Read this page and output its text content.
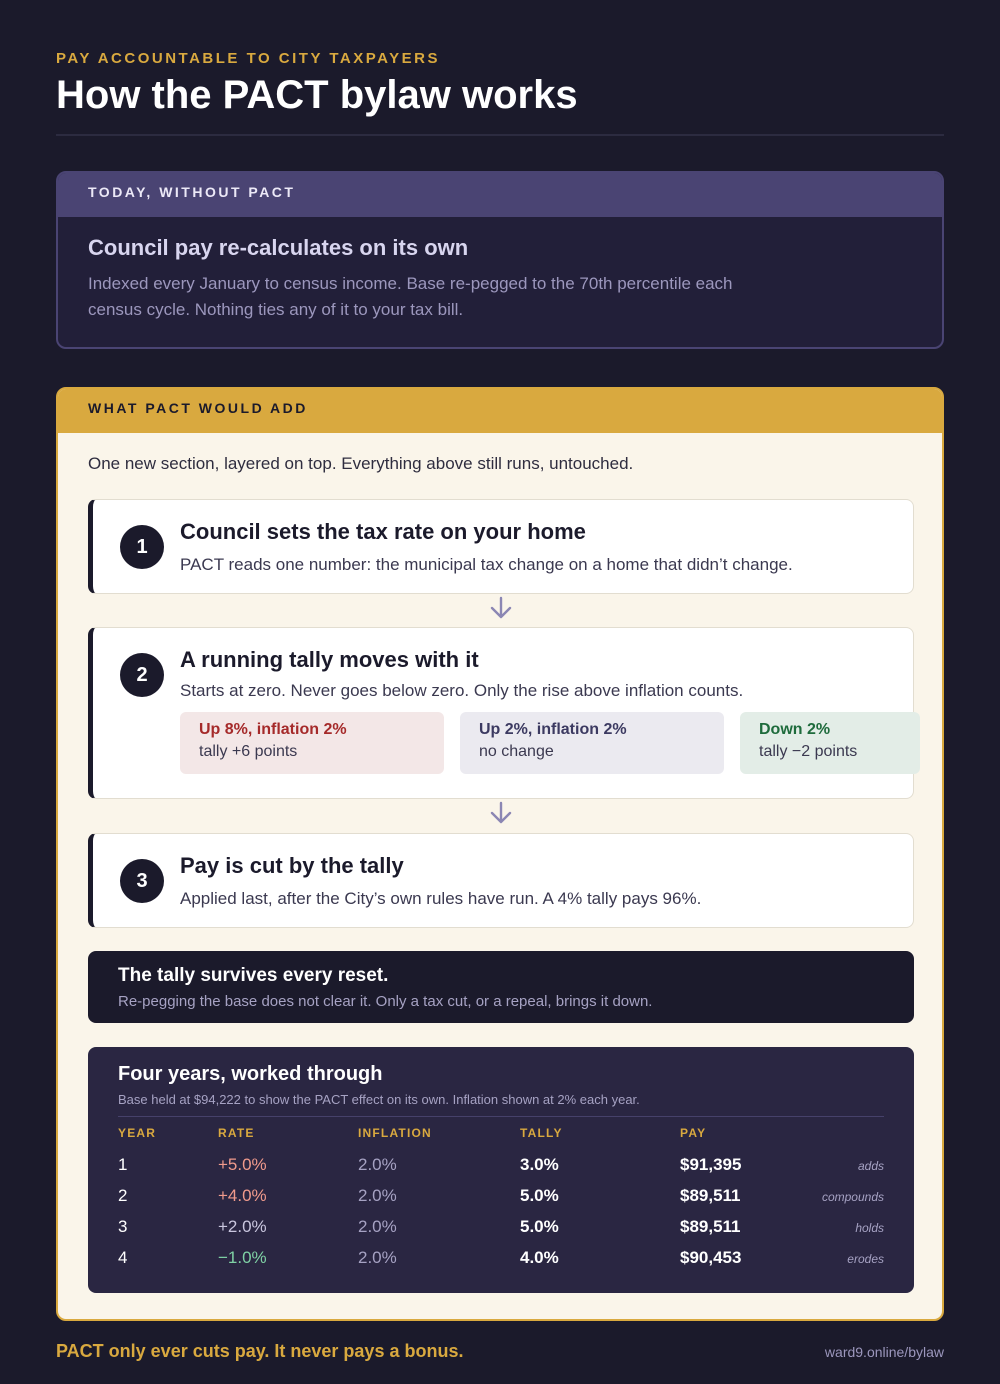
PAY ACCOUNTABLE TO CITY TAXPAYERS
How the PACT bylaw works
TODAY, WITHOUT PACT
Council pay re-calculates on its own
Indexed every January to census income. Base re-pegged to the 70th percentile each census cycle. Nothing ties any of it to your tax bill.
WHAT PACT WOULD ADD
One new section, layered on top. Everything above still runs, untouched.
1
Council sets the tax rate on your home
PACT reads one number: the municipal tax change on a home that didn’t change.
2
A running tally moves with it
Starts at zero. Never goes below zero. Only the rise above inflation counts.
Up 8%, inflation 2%
tally +6 points
Up 2%, inflation 2%
no change
Down 2%
tally −2 points
3
Pay is cut by the tally
Applied last, after the City’s own rules have run. A 4% tally pays 96%.
The tally survives every reset.
Re-pegging the base does not clear it. Only a tax cut, or a repeal, brings it down.
Four years, worked through
Base held at $94,222 to show the PACT effect on its own. Inflation shown at 2% each year.
YEAR	RATE	INFLATION	TALLY	PAY
1	+5.0%	2.0%	3.0%	$91,395	adds
2	+4.0%	2.0%	5.0%	$89,511	compounds
3	+2.0%	2.0%	5.0%	$89,511	holds
4	−1.0%	2.0%	4.0%	$90,453	erodes
PACT only ever cuts pay. It never pays a bonus.	ward9.online/bylaw
